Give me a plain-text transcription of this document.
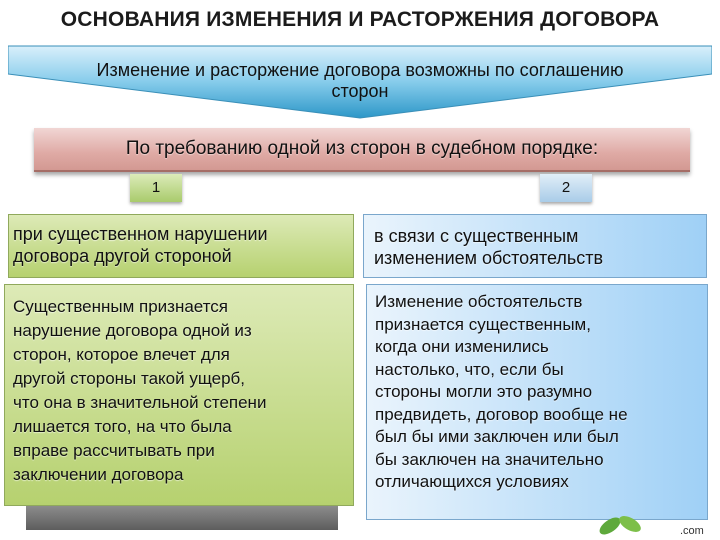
ОСНОВАНИЯ ИЗМЕНЕНИЯ И РАСТОРЖЕНИЯ ДОГОВОРА
Изменение и расторжение договора возможны по соглашению
сторон
По требованию одной из сторон в судебном порядке:
1	2
при существенном нарушении
договора другой стороной
в связи с существенным
изменением обстоятельств
Существенным признается
нарушение договора одной из
сторон, которое влечет для
другой стороны такой ущерб,
что она в значительной степени
лишается того, на что была
вправе рассчитывать при
заключении договора
Изменение обстоятельств
признается существенным,
когда они изменились
настолько, что, если бы
стороны могли это разумно
предвидеть, договор вообще не
был бы ими заключен или был
бы заключен на значительно
отличающихся условиях
.com
